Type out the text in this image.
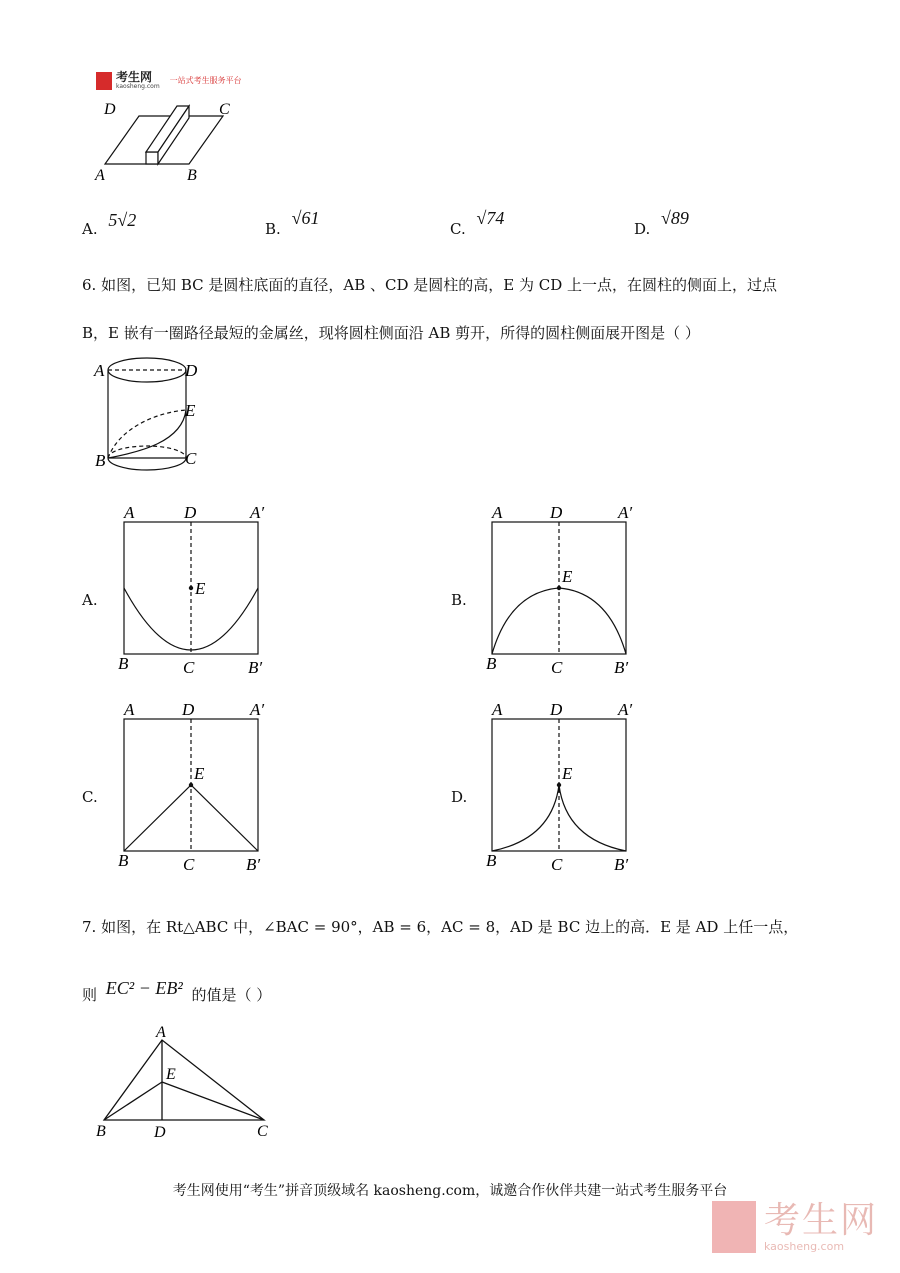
考生网
kaosheng.com
一站式考生服务平台
D	C
A	B
A. 5√2	B. √61
C. √74
D. √89
6. 如图，已知 BC 是圆柱底面的直径，AB 、CD 是圆柱的高，E 为 CD 上一点，在圆柱的侧面上，过点
B，E 嵌有一圈路径最短的金属丝，现将圆柱侧面沿 AB 剪开，所得的圆柱侧面展开图是（ ）
A	D
E
B	C
A.	B.
C.	D.
A	D	A′
E
B	C	B′
A	D	A′
E
B	C	B′
A	D	A′
E
B	C	B′
A	D	A′
E
B	C	B′
7. 如图，在 Rt△ABC 中，∠BAC = 90°，AB = 6，AC = 8，AD 是 BC 边上的高．E 是 AD 上任一点，
则 EC² − EB² 的值是（ ）
A
E
B	D	C
考生网使用“考生”拼音顶级域名 kaosheng.com，诚邀合作伙伴共建一站式考生服务平台
考生网
kaosheng.com
